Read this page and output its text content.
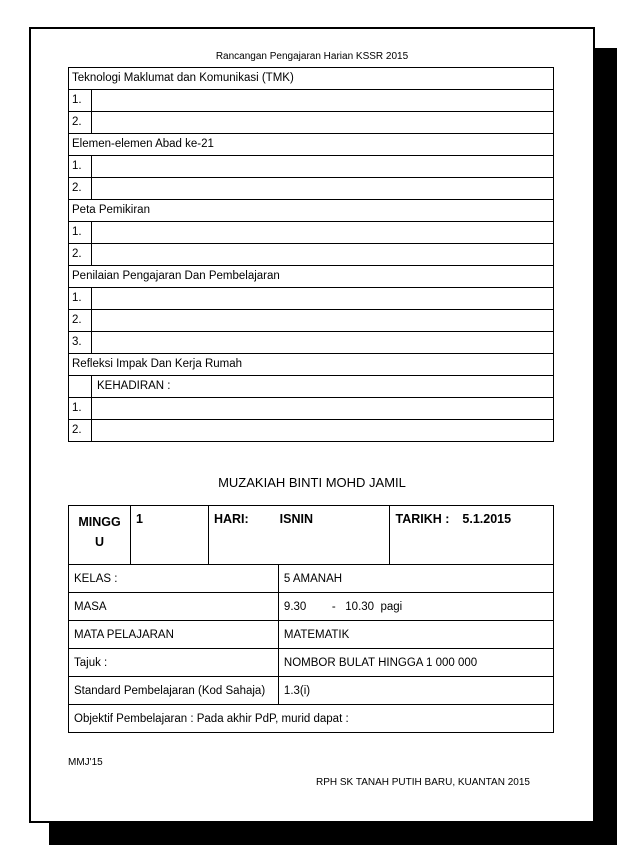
Rancangan Pengajaran Harian KSSR 2015
Teknologi Maklumat dan Komunikasi (TMK)	
1.	
2.	
Elemen-elemen Abad ke-21	
1.	
2.	
Peta Pemikiran	
1.	
2.	
Penilaian Pengajaran Dan Pembelajaran	
1.	
2.	
3.	
Refleksi Impak Dan Kerja Rumah	
	KEHADIRAN :
1.	
2.	
MUZAKIAH BINTI MOHD JAMIL
MINGG
U	1	HARI: ISNIN		TARIKH : 5.1.2015
KELAS :			5 AMANAH	
MASA			9.30        -   10.30  pagi	
MATA PELAJARAN			MATEMATIK	
Tajuk :			NOMBOR BULAT HINGGA 1 000 000	
Standard Pembelajaran (Kod Sahaja)			1.3(i)	
Objektif Pembelajaran : Pada akhir PdP, murid dapat :				
MMJ'15
RPH SK TANAH PUTIH BARU, KUANTAN 2015
